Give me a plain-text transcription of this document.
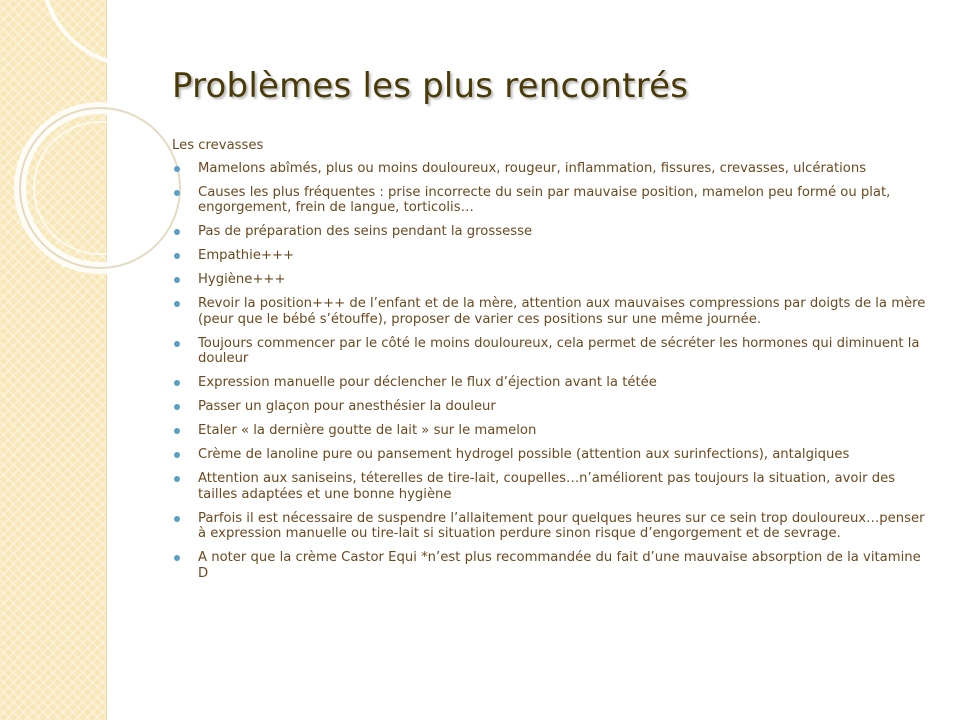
Problèmes les plus rencontrés

Les crevasses

Mamelons abîmés, plus ou moins douloureux, rougeur, inflammation, fissures, crevasses, ulcérations
Causes les plus fréquentes : prise incorrecte du sein par mauvaise position, mamelon peu formé ou plat, engorgement, frein de langue, torticolis…
Pas de préparation des seins pendant la grossesse
Empathie+++
Hygiène+++
Revoir la position+++ de l’enfant et de la mère, attention aux mauvaises compressions par doigts de la mère (peur que le bébé s’étouffe), proposer de varier ces positions sur une même journée.
Toujours commencer par le côté le moins douloureux, cela permet de sécréter les hormones qui diminuent la douleur
Expression manuelle pour déclencher le flux d’éjection avant la tétée
Passer un glaçon pour anesthésier la douleur
Etaler « la dernière goutte de lait » sur le mamelon
Crème de lanoline pure ou pansement hydrogel possible (attention aux surinfections), antalgiques
Attention aux saniseins, téterelles de tire-lait, coupelles…n’améliorent pas toujours la situation, avoir des tailles adaptées et une bonne hygiène
Parfois il est nécessaire de suspendre l’allaitement pour quelques heures sur ce sein trop douloureux…penser à expression manuelle ou tire-lait si situation perdure sinon risque d’engorgement et de sevrage.
A noter que la crème Castor Equi *n’est plus recommandée du fait d’une mauvaise absorption de la vitamine D
